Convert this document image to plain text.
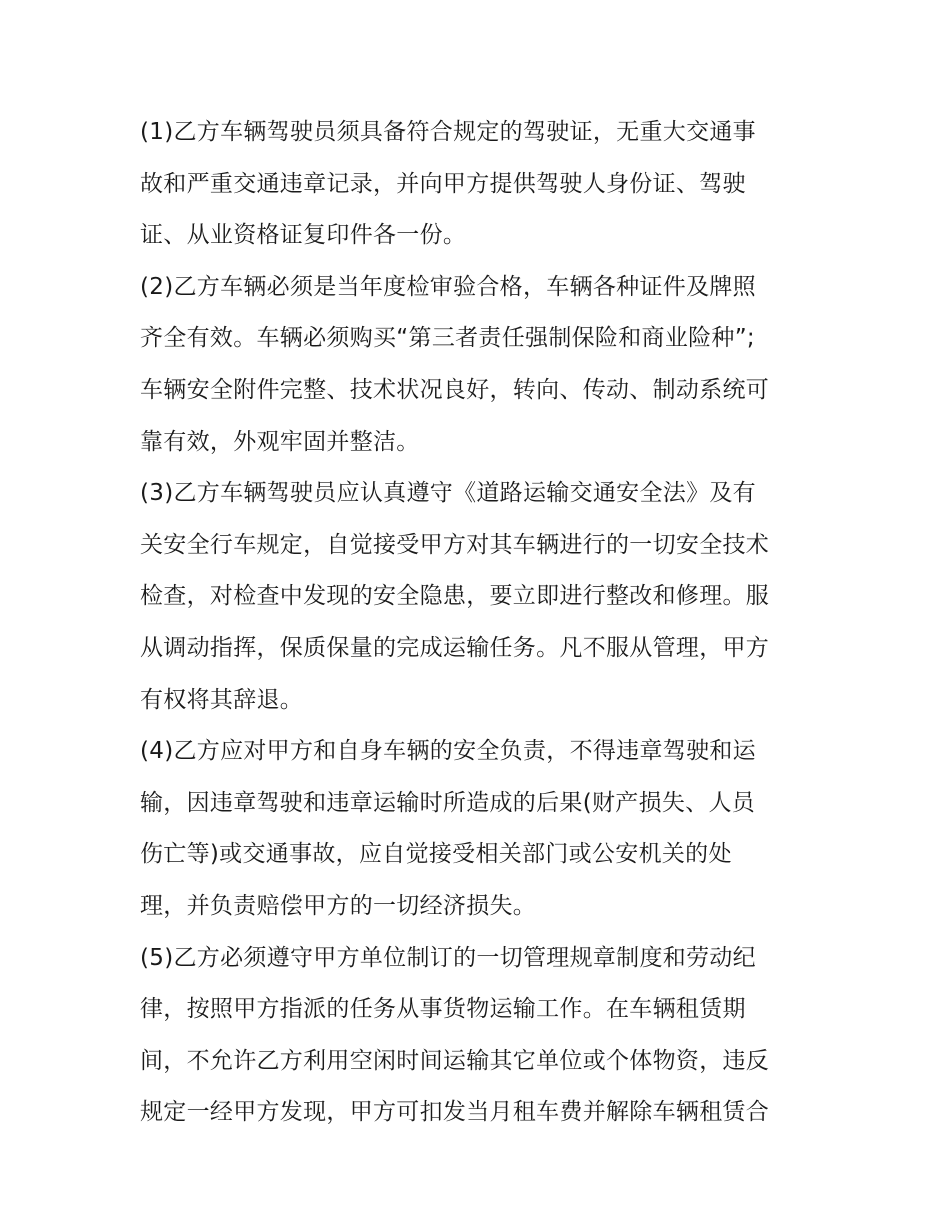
(1)乙方车辆驾驶员须具备符合规定的驾驶证，无重大交通事
故和严重交通违章记录，并向甲方提供驾驶人身份证、驾驶
证、从业资格证复印件各一份。
(2)乙方车辆必须是当年度检审验合格，车辆各种证件及牌照
齐全有效。车辆必须购买“第三者责任强制保险和商业险种”;
车辆安全附件完整、技术状况良好，转向、传动、制动系统可
靠有效，外观牢固并整洁。
(3)乙方车辆驾驶员应认真遵守《道路运输交通安全法》及有
关安全行车规定，自觉接受甲方对其车辆进行的一切安全技术
检查，对检查中发现的安全隐患，要立即进行整改和修理。服
从调动指挥，保质保量的完成运输任务。凡不服从管理，甲方
有权将其辞退。
(4)乙方应对甲方和自身车辆的安全负责，不得违章驾驶和运
输，因违章驾驶和违章运输时所造成的后果(财产损失、人员
伤亡等)或交通事故，应自觉接受相关部门或公安机关的处
理，并负责赔偿甲方的一切经济损失。
(5)乙方必须遵守甲方单位制订的一切管理规章制度和劳动纪
律，按照甲方指派的任务从事货物运输工作。在车辆租赁期
间，不允许乙方利用空闲时间运输其它单位或个体物资，违反
规定一经甲方发现，甲方可扣发当月租车费并解除车辆租赁合
